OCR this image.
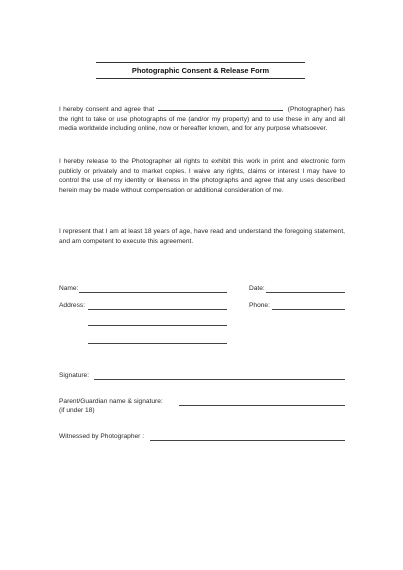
Photographic Consent & Release Form
I hereby consent and agree that	(Photographer) has the right to take or use photographs of me (and/or my property) and to use these in any and all media worldwide including online, now or hereafter known, and for any purpose whatsoever.
I hereby release to the Photographer all rights to exhibit this work in print and electronic form publicly or privately and to market copies. I waive any rights, claims or interest I may have to control the use of my identity or likeness in the photographs and agree that any uses described herein may be made without compensation or additional consideration of me.
I represent that I am at least 18 years of age, have read and understand the foregoing statement, and am competent to execute this agreement.
Name:	Date:
Address:	Phone:
Signature:
Parent/Guardian name & signature:
(if under 18)
Witnessed by Photographer :
